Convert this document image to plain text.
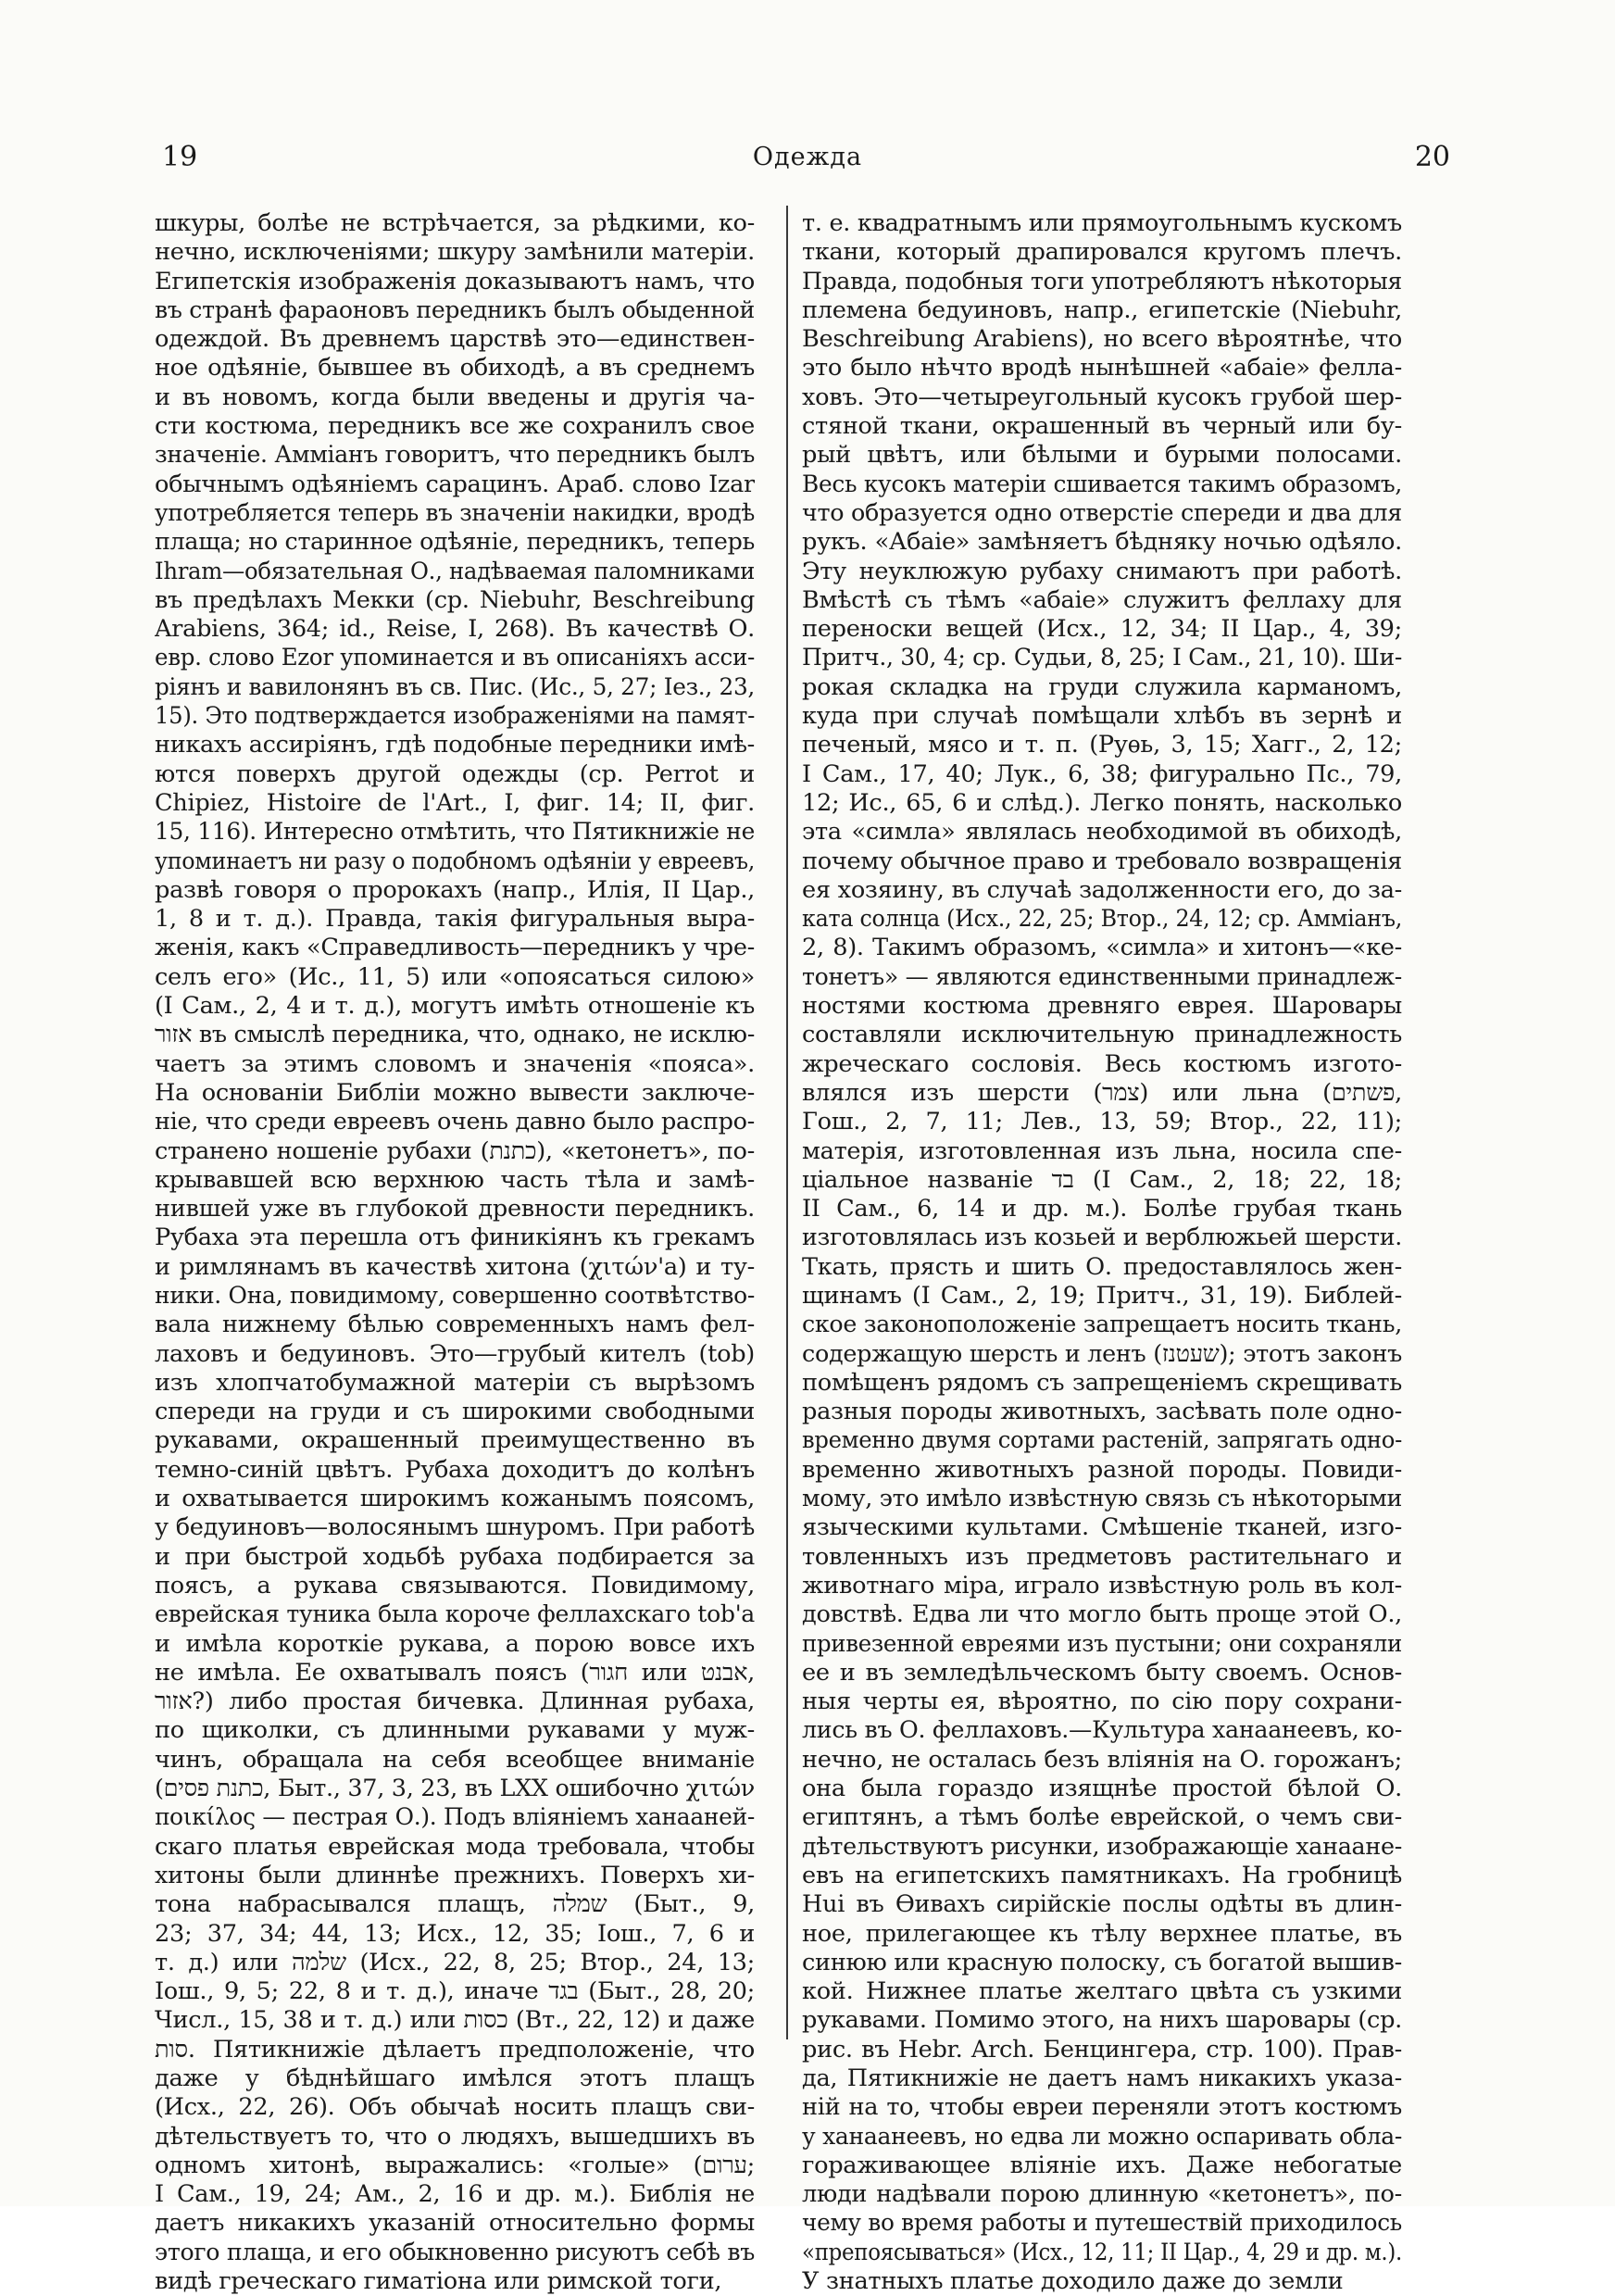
19	Одежда	20
шкуры, болѣе не встрѣчается, за рѣдкими, ко-
нечно, исключеніями; шкуру замѣнили матеріи.
Египетскія изображенія доказываютъ намъ, что
въ странѣ фараоновъ передникъ былъ обыденной
одеждой. Въ древнемъ царствѣ это—единствен-
ное одѣяніе, бывшее въ обиходѣ, а въ среднемъ
и въ новомъ, когда были введены и другія ча-
сти костюма, передникъ все же сохранилъ свое
значеніе. Амміанъ говоритъ, что передникъ былъ
обычнымъ одѣяніемъ сарацинъ. Араб. слово Izar
употребляется теперь въ значеніи накидки, вродѣ
плаща; но старинное одѣяніе, передникъ, теперь
Ihram—обязательная О., надѣваемая паломниками
въ предѣлахъ Мекки (ср. Niebuhr, Beschreibung
Arabiens, 364; id., Reise, I, 268). Въ качествѣ О.
евр. слово Ezor упоминается и въ описаніяхъ асси-
ріянъ и вавилонянъ въ св. Пис. (Ис., 5, 27; Іез., 23,
15). Это подтверждается изображеніями на памят-
никахъ ассиріянъ, гдѣ подобные передники имѣ-
ются поверхъ другой одежды (ср. Perrot и
Chipiez, Histoire de l'Art., I, фиг. 14; II, фиг.
15, 116). Интересно отмѣтить, что Пятикнижіе не
упоминаетъ ни разу о подобномъ одѣяніи у евреевъ,
развѣ говоря о пророкахъ (напр., Илія, II Цар.,
1, 8 и т. д.). Правда, такія фигуральныя выра-
женія, какъ «Справедливость—передникъ у чре-
селъ его» (Ис., 11, 5) или «опоясаться силою»
(I Сам., 2, 4 и т. д.), могутъ имѣть отношеніе къ
אזור въ смыслѣ передника, что, однако, не исклю-
чаетъ за этимъ словомъ и значенія «пояса».
На основаніи Библіи можно вывести заключе-
ніе, что среди евреевъ очень давно было распро-
странено ношеніе рубахи (כתנת), «кетонетъ», по-
крывавшей всю верхнюю часть тѣла и замѣ-
нившей уже въ глубокой древности передникъ.
Рубаха эта перешла отъ финикіянъ къ грекамъ
и римлянамъ въ качествѣ хитона (χιτών'а) и ту-
ники. Она, повидимому, совершенно соотвѣтство-
вала нижнему бѣлью современныхъ намъ фел-
лаховъ и бедуиновъ. Это—грубый кителъ (tob)
изъ хлопчатобумажной матеріи съ вырѣзомъ
спереди на груди и съ широкими свободными
рукавами, окрашенный преимущественно въ
темно-синій цвѣтъ. Рубаха доходитъ до колѣнъ
и охватывается широкимъ кожанымъ поясомъ,
у бедуиновъ—волосянымъ шнуромъ. При работѣ
и при быстрой ходьбѣ рубаха подбирается за
поясъ, а рукава связываются. Повидимому,
еврейская туника была короче феллахскаго tob'а
и имѣла короткіе рукава, а порою вовсе ихъ
не имѣла. Ее охватывалъ поясъ (חגור или אבנט,
אזור?) либо простая бичевка. Длинная рубаха,
по щиколки, съ длинными рукавами у муж-
чинъ, обращала на себя всеобщее вниманіе
(כתנת פסים, Быт., 37, 3, 23, въ LXX ошибочно χιτών
ποικίλος — пестрая О.). Подъ вліяніемъ ханааней-
скаго платья еврейская мода требовала, чтобы
хитоны были длиннѣе прежнихъ. Поверхъ хи-
тона набрасывался плащъ, שמלה (Быт., 9,
23; 37, 34; 44, 13; Исх., 12, 35; Іош., 7, 6 и
т. д.) или שלמה (Исх., 22, 8, 25; Втор., 24, 13;
Іош., 9, 5; 22, 8 и т. д.), иначе בגד (Быт., 28, 20;
Числ., 15, 38 и т. д.) или כסות (Вт., 22, 12) и даже
סות. Пятикнижіе дѣлаетъ предположеніе, что
даже у бѣднѣйшаго имѣлся этотъ плащъ
(Исх., 22, 26). Объ обычаѣ носить плащъ сви-
дѣтельствуетъ то, что о людяхъ, вышедшихъ въ
одномъ хитонѣ, выражались: «голые» (ערום;
I Сам., 19, 24; Ам., 2, 16 и др. м.). Библія не
даетъ никакихъ указаній относительно формы
этого плаща, и его обыкновенно рисуютъ себѣ въ
видѣ греческаго гиматіона или римской тоги,
т. е. квадратнымъ или прямоугольнымъ кускомъ
ткани, который драпировался кругомъ плечъ.
Правда, подобныя тоги употребляютъ нѣкоторыя
племена бедуиновъ, напр., египетскіе (Niebuhr,
Beschreibung Arabiens), но всего вѣроятнѣе, что
это было нѣчто вродѣ нынѣшней «абаіе» фелла-
ховъ. Это—четыреугольный кусокъ грубой шер-
стяной ткани, окрашенный въ черный или бу-
рый цвѣтъ, или бѣлыми и бурыми полосами.
Весь кусокъ матеріи сшивается такимъ образомъ,
что образуется одно отверстіе спереди и два для
рукъ. «Абаіе» замѣняетъ бѣдняку ночью одѣяло.
Эту неуклюжую рубаху снимаютъ при работѣ.
Вмѣстѣ съ тѣмъ «абаіе» служитъ феллаху для
переноски вещей (Исх., 12, 34; II Цар., 4, 39;
Притч., 30, 4; ср. Судьи, 8, 25; I Сам., 21, 10). Ши-
рокая складка на груди служила карманомъ,
куда при случаѣ помѣщали хлѣбъ въ зернѣ и
печеный, мясо и т. п. (Руѳь, 3, 15; Хагг., 2, 12;
I Сам., 17, 40; Лук., 6, 38; фигурально Пс., 79,
12; Ис., 65, 6 и слѣд.). Легко понять, насколько
эта «симла» являлась необходимой въ обиходѣ,
почему обычное право и требовало возвращенія
ея хозяину, въ случаѣ задолженности его, до за-
ката солнца (Исх., 22, 25; Втор., 24, 12; ср. Амміанъ,
2, 8). Такимъ образомъ, «симла» и хитонъ—«ке-
тонетъ» — являются единственными принадлеж-
ностями костюма древняго еврея. Шаровары
составляли исключительную принадлежность
жреческаго сословія. Весь костюмъ изгото-
влялся изъ шерсти (צמר) или льна (פשתים,
Гош., 2, 7, 11; Лев., 13, 59; Втор., 22, 11);
матерія, изготовленная изъ льна, носила спе-
ціальное названіе בד (I Сам., 2, 18; 22, 18;
II Сам., 6, 14 и др. м.). Болѣе грубая ткань
изготовлялась изъ козьей и верблюжьей шерсти.
Ткать, прясть и шить О. предоставлялось жен-
щинамъ (I Сам., 2, 19; Притч., 31, 19). Библей-
ское законоположеніе запрещаетъ носить ткань,
содержащую шерсть и ленъ (שעטנז); этотъ законъ
помѣщенъ рядомъ съ запрещеніемъ скрещивать
разныя породы животныхъ, засѣвать поле одно-
временно двумя сортами растеній, запрягать одно-
временно животныхъ разной породы. Повиди-
мому, это имѣло извѣстную связь съ нѣкоторыми
языческими культами. Смѣшеніе тканей, изго-
товленныхъ изъ предметовъ растительнаго и
животнаго міра, играло извѣстную роль въ кол-
довствѣ. Едва ли что могло быть проще этой О.,
привезенной евреями изъ пустыни; они сохраняли
ее и въ земледѣльческомъ быту своемъ. Основ-
ныя черты ея, вѣроятно, по сію пору сохрани-
лись въ О. феллаховъ.—Культура ханаанеевъ, ко-
нечно, не осталась безъ вліянія на О. горожанъ;
она была гораздо изящнѣе простой бѣлой О.
египтянъ, а тѣмъ болѣе еврейской, о чемъ сви-
дѣтельствуютъ рисунки, изображающіе ханаане-
евъ на египетскихъ памятникахъ. На гробницѣ
Hui въ Ѳивахъ сирійскіе послы одѣты въ длин-
ное, прилегающее къ тѣлу верхнее платье, въ
синюю или красную полоску, съ богатой вышив-
кой. Нижнее платье желтаго цвѣта съ узкими
рукавами. Помимо этого, на нихъ шаровары (ср.
рис. въ Hebr. Arch. Бенцингера, стр. 100). Прав-
да, Пятикнижіе не даетъ намъ никакихъ указа-
ній на то, чтобы евреи переняли этотъ костюмъ
у ханаанеевъ, но едва ли можно оспаривать обла-
гораживающее вліяніе ихъ. Даже небогатые
люди надѣвали порою длинную «кетонетъ», по-
чему во время работы и путешествій приходилось
«препоясываться» (Исх., 12, 11; II Цар., 4, 29 и др. м.).
У знатныхъ платье доходило даже до земли
